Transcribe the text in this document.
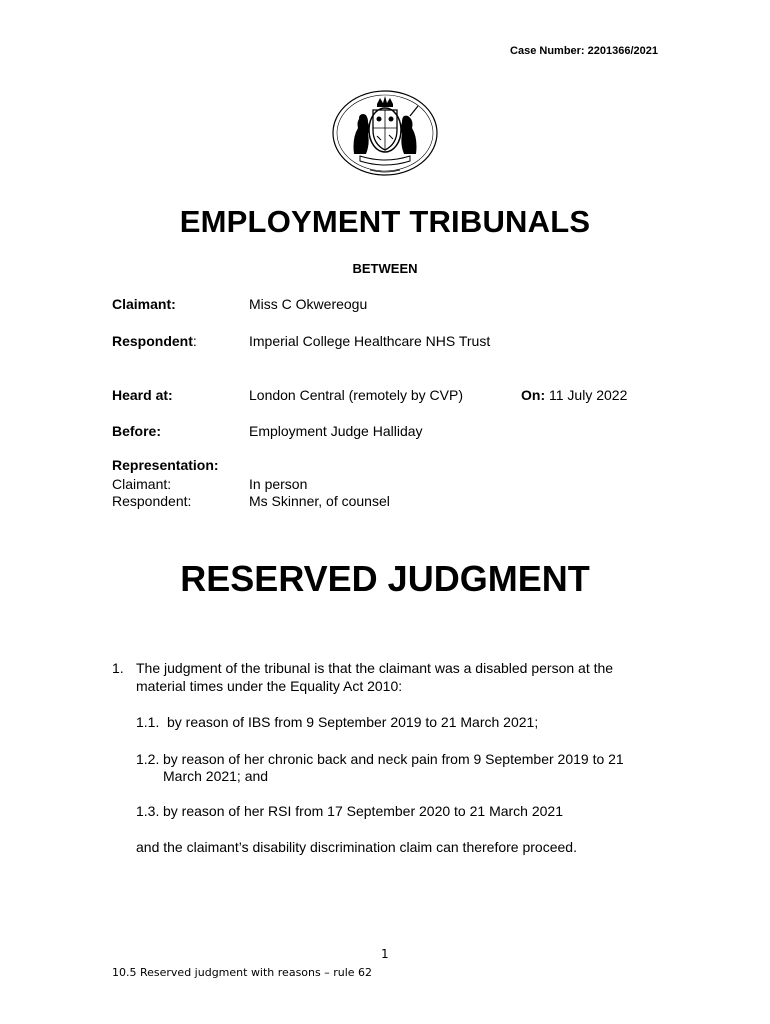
Case Number: 2201366/2021
EMPLOYMENT TRIBUNALS
BETWEEN
Claimant:	Miss C Okwereogu
Respondent:	Imperial College Healthcare NHS Trust
Heard at:	London Central (remotely by CVP)	On: 11 July 2022
Before:	Employment Judge Halliday
Representation:
Claimant:	In person
Respondent:	Ms Skinner, of counsel
RESERVED JUDGMENT
1. The judgment of the tribunal is that the claimant was a disabled person at the material times under the Equality Act 2010:
1.1. by reason of IBS from 9 September 2019 to 21 March 2021;
1.2. by reason of her chronic back and neck pain from 9 September 2019 to 21
March 2021; and
1.3. by reason of her RSI from 17 September 2020 to 21 March 2021
and the claimant’s disability discrimination claim can therefore proceed.
1
10.5 Reserved judgment with reasons – rule 62
